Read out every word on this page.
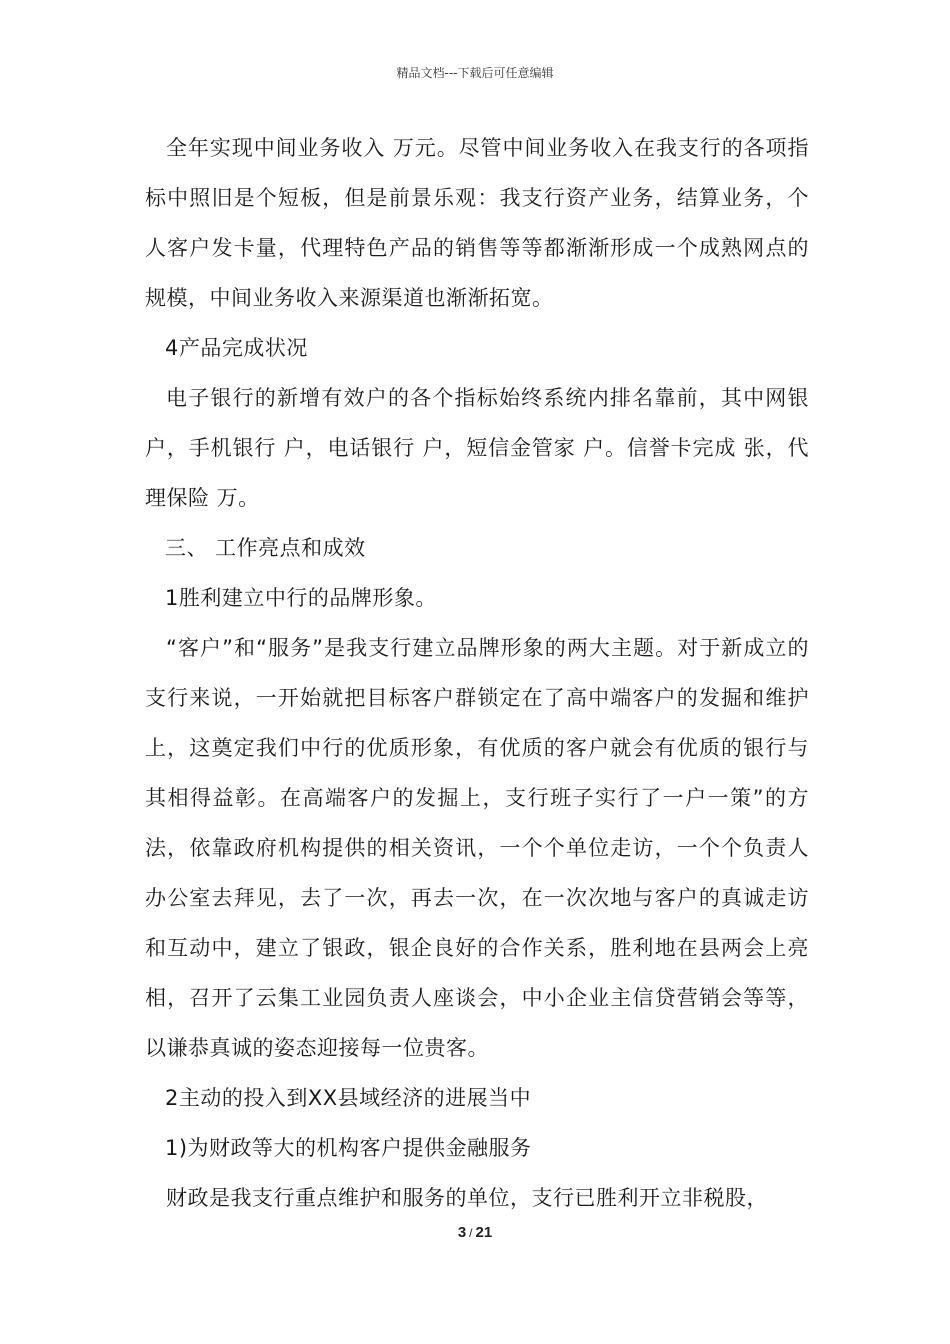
精品文档---下载后可任意编辑

全年实现中间业务收入 万元。尽管中间业务收入在我支行的各项指标中照旧是个短板，但是前景乐观：我支行资产业务，结算业务，个人客户发卡量，代理特色产品的销售等等都渐渐形成一个成熟网点的规模，中间业务收入来源渠道也渐渐拓宽。

4产品完成状况

电子银行的新增有效户的各个指标始终系统内排名靠前，其中网银 户，手机银行 户，电话银行 户，短信金管家 户。信誉卡完成 张，代理保险 万。

三、 工作亮点和成效

1胜利建立中行的品牌形象。

“客户”和“服务”是我支行建立品牌形象的两大主题。对于新成立的支行来说，一开始就把目标客户群锁定在了高中端客户的发掘和维护上，这奠定我们中行的优质形象，有优质的客户就会有优质的银行与其相得益彰。在高端客户的发掘上，支行班子实行了一户一策”的方法，依靠政府机构提供的相关资讯，一个个单位走访，一个个负责人办公室去拜见，去了一次，再去一次，在一次次地与客户的真诚走访和互动中，建立了银政，银企良好的合作关系，胜利地在县两会上亮相，召开了云集工业园负责人座谈会，中小企业主信贷营销会等等，以谦恭真诚的姿态迎接每一位贵客。

2主动的投入到XX县域经济的进展当中

1)为财政等大的机构客户提供金融服务

财政是我支行重点维护和服务的单位，支行已胜利开立非税股，

3 / 21
